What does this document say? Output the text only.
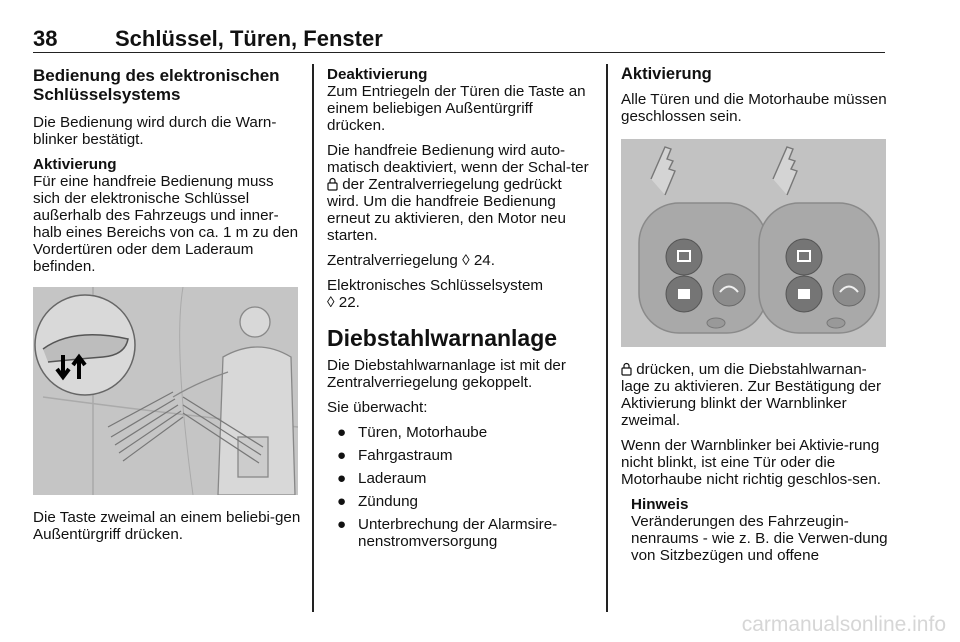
38	Schlüssel, Türen, Fenster
Bedienung des elektronischen Schlüsselsystems

Die Bedienung wird durch die Warn-blinker bestätigt.

Aktivierung

Für eine handfreie Bedienung muss sich der elektronische Schlüssel außerhalb des Fahrzeugs und inner-halb eines Bereichs von ca. 1 m zu den Vordertüren oder dem Laderaum befinden.

Die Taste zweimal an einem beliebi-gen Außentürgriff drücken.

Deaktivierung

Zum Entriegeln der Türen die Taste an einem beliebigen Außentürgriff drücken.

Die handfreie Bedienung wird auto-matisch deaktiviert, wenn der Schal-ter  der Zentralverriegelung gedrückt wird. Um die handfreie Bedienung erneut zu aktivieren, den Motor neu starten.

Zentralverriegelung ◊ 24.

Elektronisches Schlüsselsystem
◊ 22.

Diebstahlwarnanlage

Die Diebstahlwarnanlage ist mit der Zentralverriegelung gekoppelt.

Sie überwacht:

● Türen, Motorhaube
● Fahrgastraum
● Laderaum
● Zündung
● Unterbrechung der Alarmsire-nenstromversorgung
Aktivierung

Alle Türen und die Motorhaube müssen geschlossen sein.

drücken, um die Diebstahlwarnan-lage zu aktivieren. Zur Bestätigung der Aktivierung blinkt der Warnblinker zweimal.

Wenn der Warnblinker bei Aktivie-rung nicht blinkt, ist eine Tür oder die Motorhaube nicht richtig geschlos-sen.

Hinweis

Veränderungen des Fahrzeugin-nenraums - wie z. B. die Verwen-dung von Sitzbezügen und offene

carmanualsonline.info
